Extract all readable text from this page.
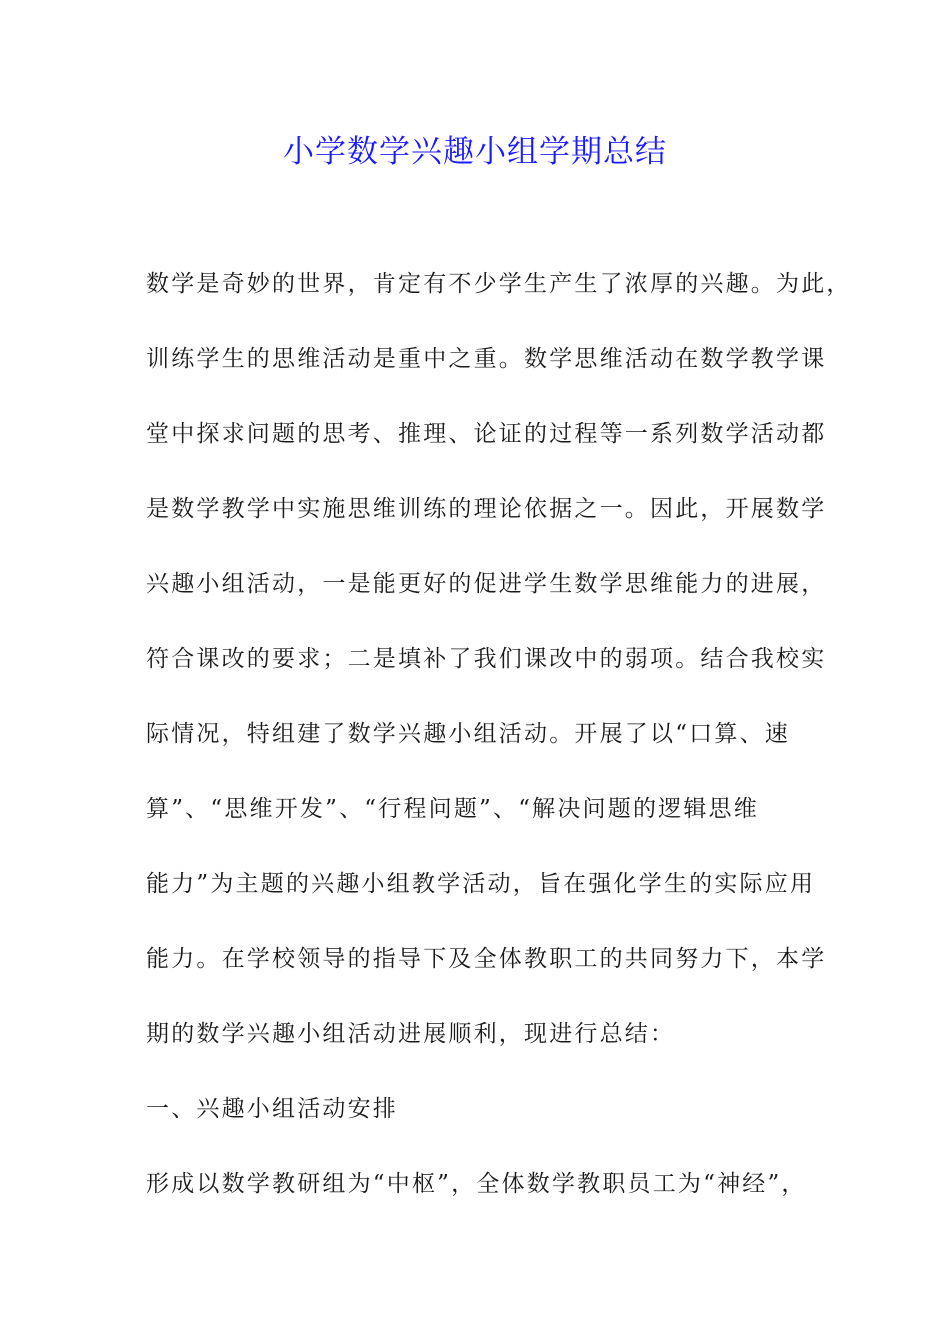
小学数学兴趣小组学期总结

数学是奇妙的世界，肯定有不少学生产生了浓厚的兴趣。为此，

训练学生的思维活动是重中之重。数学思维活动在数学教学课

堂中探求问题的思考、推理、论证的过程等一系列数学活动都

是数学教学中实施思维训练的理论依据之一。因此，开展数学

兴趣小组活动，一是能更好的促进学生数学思维能力的进展，

符合课改的要求；二是填补了我们课改中的弱项。结合我校实

际情况，特组建了数学兴趣小组活动。开展了以“口算、速

算”、“思维开发”、“行程问题”、“解决问题的逻辑思维

能力”为主题的兴趣小组教学活动，旨在强化学生的实际应用

能力。在学校领导的指导下及全体教职工的共同努力下，本学

期的数学兴趣小组活动进展顺利，现进行总结：

一、兴趣小组活动安排

形成以数学教研组为“中枢”，全体数学教职员工为“神经”，
